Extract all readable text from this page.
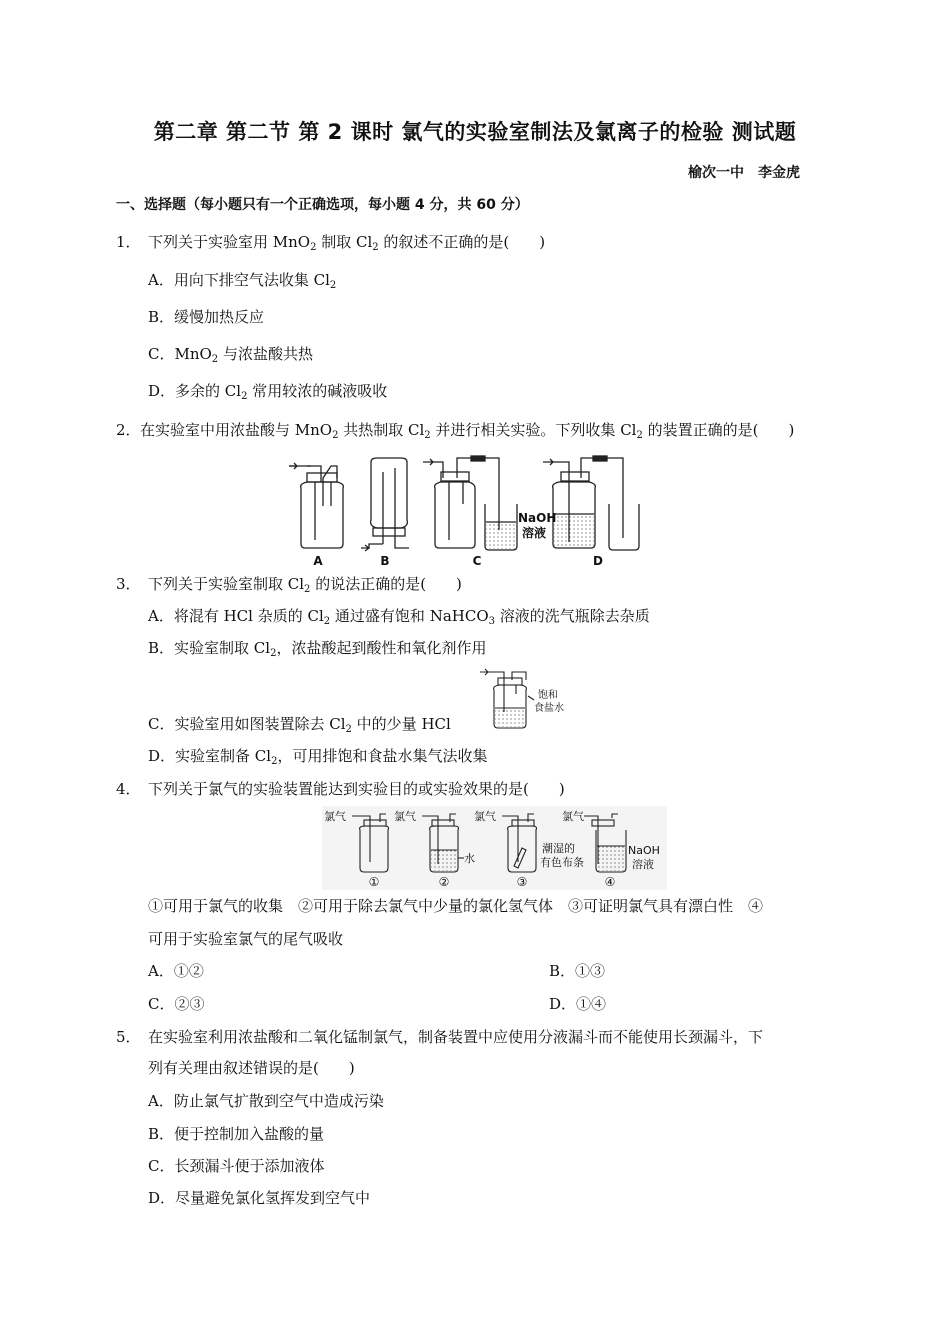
第二章 第二节 第 2 课时 氯气的实验室制法及氯离子的检验 测试题
榆次一中　李金虎
一、选择题（每小题只有一个正确选项，每小题 4 分，共 60 分）
1． 下列关于实验室用 MnO$_2$ 制取 $Cl_2$ 的叙述不正确的是(　　)
A．用向下排空气法收集 $Cl_2$
B．缓慢加热反应
C．MnO$_2$ 与浓盐酸共热
D．多余的 $Cl_2$ 常用较浓的碱液吸收
2． 在实验室中用浓盐酸与 MnO$_2$ 共热制取 $Cl_2$ 并进行相关实验。下列收集 $Cl_2$ 的装置正确的是(　　)
NaOH
溶液
A	B	C	D
3． 下列关于实验室制取 $Cl_2$ 的说法正确的是(　　)
A．将混有 HCl 杂质的 $Cl_2$ 通过盛有饱和 NaHCO$_3$ 溶液的洗气瓶除去杂质
B．实验室制取 $Cl_2$，浓盐酸起到酸性和氧化剂作用
饱和
食盐水
C．实验室用如图装置除去 $Cl_2$ 中的少量 HCl
D．实验室制备 $Cl_2$，可用排饱和食盐水集气法收集
4． 下列关于氯气的实验装置能达到实验目的或实验效果的是(　　)
氯气	氯气	氯气	氯气
水
潮湿的
有色布条
NaOH
溶液
①	②	③	④
①可用于氯气的收集　②可用于除去氯气中少量的氯化氢气体　③可证明氯气具有漂白性　④
可用于实验室氯气的尾气吸收
A．①②	B．①③
C．②③	D．①④
5． 在实验室利用浓盐酸和二氧化锰制氯气，制备装置中应使用分液漏斗而不能使用长颈漏斗，下
列有关理由叙述错误的是(　　)
A．防止氯气扩散到空气中造成污染
B．便于控制加入盐酸的量
C．长颈漏斗便于添加液体
D．尽量避免氯化氢挥发到空气中
